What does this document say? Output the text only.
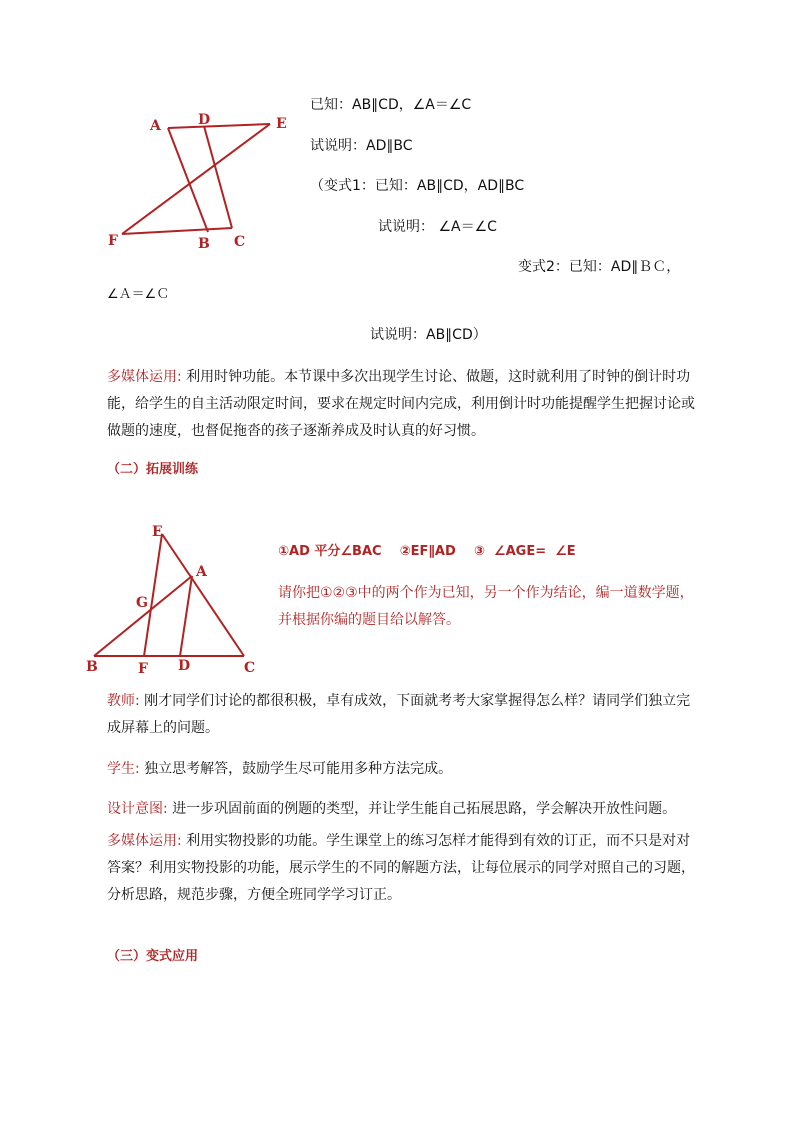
A	D	E
F	B C
已知：AB∥CD，∠A＝∠C
试说明：AD∥BC
（变式1：已知：AB∥CD，AD∥BC
试说明： ∠A＝∠C
变式2：已知：AD∥ＢＣ，
∠Ａ＝∠Ｃ
试说明：AB∥CD）
多媒体运用: 利用时钟功能。本节课中多次出现学生讨论、做题，这时就利用了时钟的倒计时功能，给学生的自主活动限定时间，要求在规定时间内完成，利用倒计时功能提醒学生把握讨论或做题的速度，也督促拖沓的孩子逐渐养成及时认真的好习惯。
（二）拓展训练
E
A
G
B	F D	C
①AD 平分∠BAC    ②EF∥AD    ③  ∠AGE=  ∠E
请你把①②③中的两个作为已知，另一个作为结论，编一道数学题，并根据你编的题目给以解答。
教师: 刚才同学们讨论的都很积极，卓有成效，下面就考考大家掌握得怎么样？请同学们独立完成屏幕上的问题。
学生: 独立思考解答，鼓励学生尽可能用多种方法完成。
设计意图: 进一步巩固前面的例题的类型，并让学生能自己拓展思路，学会解决开放性问题。
多媒体运用: 利用实物投影的功能。学生课堂上的练习怎样才能得到有效的订正，而不只是对对答案？利用实物投影的功能，展示学生的不同的解题方法，让每位展示的同学对照自己的习题，分析思路，规范步骤，方便全班同学学习订正。
（三）变式应用
